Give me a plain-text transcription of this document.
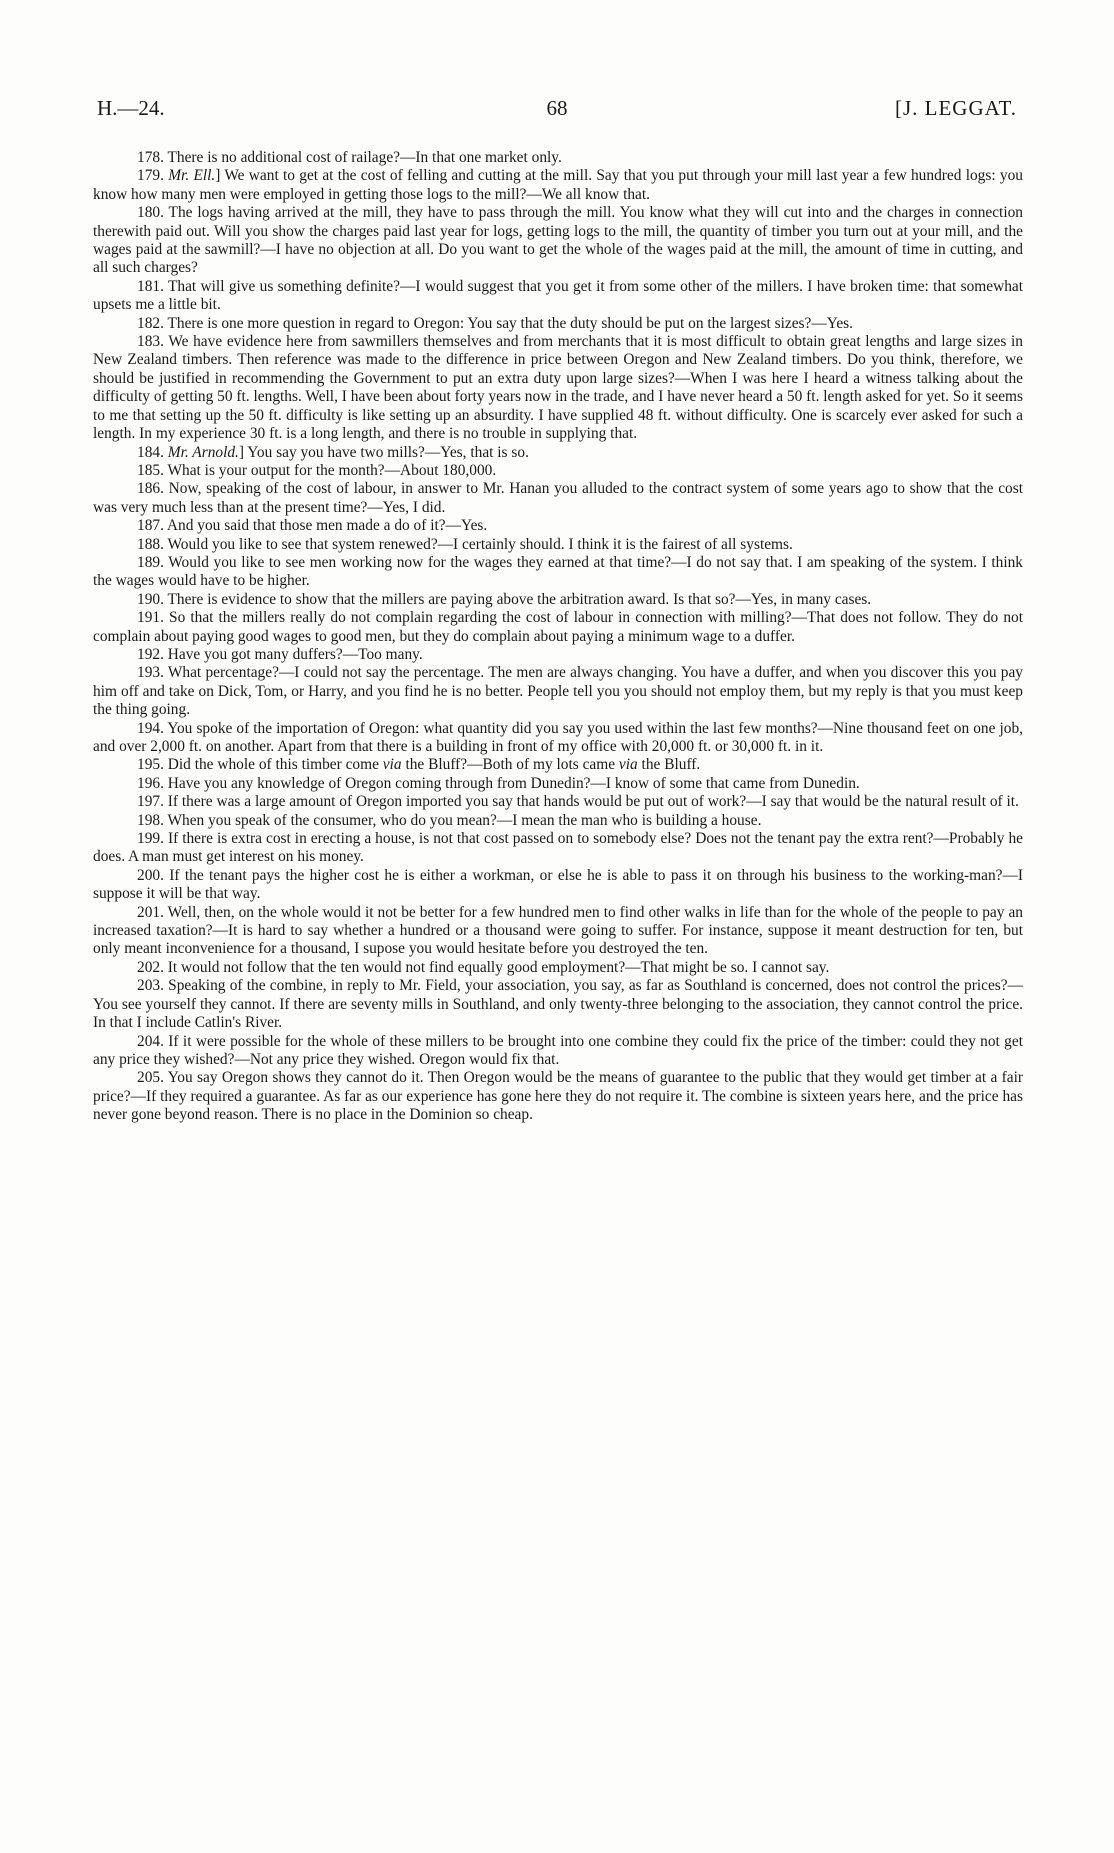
H.—24.	68	[J. LEGGAT.

178. There is no additional cost of railage?—In that one market only.

179. Mr. Ell.] We want to get at the cost of felling and cutting at the mill. Say that you put through your mill last year a few hundred logs: you know how many men were employed in getting those logs to the mill?—We all know that.

180. The logs having arrived at the mill, they have to pass through the mill. You know what they will cut into and the charges in connection therewith paid out. Will you show the charges paid last year for logs, getting logs to the mill, the quantity of timber you turn out at your mill, and the wages paid at the sawmill?—I have no objection at all. Do you want to get the whole of the wages paid at the mill, the amount of time in cutting, and all such charges?

181. That will give us something definite?—I would suggest that you get it from some other of the millers. I have broken time: that somewhat upsets me a little bit.

182. There is one more question in regard to Oregon: You say that the duty should be put on the largest sizes?—Yes.

183. We have evidence here from sawmillers themselves and from merchants that it is most difficult to obtain great lengths and large sizes in New Zealand timbers. Then reference was made to the difference in price between Oregon and New Zealand timbers. Do you think, therefore, we should be justified in recommending the Government to put an extra duty upon large sizes?—When I was here I heard a witness talking about the difficulty of getting 50 ft. lengths. Well, I have been about forty years now in the trade, and I have never heard a 50 ft. length asked for yet. So it seems to me that setting up the 50 ft. difficulty is like setting up an absurdity. I have supplied 48 ft. without difficulty. One is scarcely ever asked for such a length. In my experience 30 ft. is a long length, and there is no trouble in supplying that.

184. Mr. Arnold.] You say you have two mills?—Yes, that is so.

185. What is your output for the month?—About 180,000.

186. Now, speaking of the cost of labour, in answer to Mr. Hanan you alluded to the contract system of some years ago to show that the cost was very much less than at the present time?—Yes, I did.

187. And you said that those men made a do of it?—Yes.

188. Would you like to see that system renewed?—I certainly should. I think it is the fairest of all systems.

189. Would you like to see men working now for the wages they earned at that time?—I do not say that. I am speaking of the system. I think the wages would have to be higher.

190. There is evidence to show that the millers are paying above the arbitration award. Is that so?—Yes, in many cases.

191. So that the millers really do not complain regarding the cost of labour in connection with milling?—That does not follow. They do not complain about paying good wages to good men, but they do complain about paying a minimum wage to a duffer.

192. Have you got many duffers?—Too many.

193. What percentage?—I could not say the percentage. The men are always changing. You have a duffer, and when you discover this you pay him off and take on Dick, Tom, or Harry, and you find he is no better. People tell you you should not employ them, but my reply is that you must keep the thing going.

194. You spoke of the importation of Oregon: what quantity did you say you used within the last few months?—Nine thousand feet on one job, and over 2,000 ft. on another. Apart from that there is a building in front of my office with 20,000 ft. or 30,000 ft. in it.

195. Did the whole of this timber come via the Bluff?—Both of my lots came via the Bluff.

196. Have you any knowledge of Oregon coming through from Dunedin?—I know of some that came from Dunedin.

197. If there was a large amount of Oregon imported you say that hands would be put out of work?—I say that would be the natural result of it.

198. When you speak of the consumer, who do you mean?—I mean the man who is building a house.

199. If there is extra cost in erecting a house, is not that cost passed on to somebody else? Does not the tenant pay the extra rent?—Probably he does. A man must get interest on his money.

200. If the tenant pays the higher cost he is either a workman, or else he is able to pass it on through his business to the working-man?—I suppose it will be that way.

201. Well, then, on the whole would it not be better for a few hundred men to find other walks in life than for the whole of the people to pay an increased taxation?—It is hard to say whether a hundred or a thousand were going to suffer. For instance, suppose it meant destruction for ten, but only meant inconvenience for a thousand, I supose you would hesitate before you destroyed the ten.

202. It would not follow that the ten would not find equally good employment?—That might be so. I cannot say.

203. Speaking of the combine, in reply to Mr. Field, your association, you say, as far as Southland is concerned, does not control the prices?—You see yourself they cannot. If there are seventy mills in Southland, and only twenty-three belonging to the association, they cannot control the price. In that I include Catlin's River.

204. If it were possible for the whole of these millers to be brought into one combine they could fix the price of the timber: could they not get any price they wished?—Not any price they wished. Oregon would fix that.

205. You say Oregon shows they cannot do it. Then Oregon would be the means of guarantee to the public that they would get timber at a fair price?—If they required a guarantee. As far as our experience has gone here they do not require it. The combine is sixteen years here, and the price has never gone beyond reason. There is no place in the Dominion so cheap.
